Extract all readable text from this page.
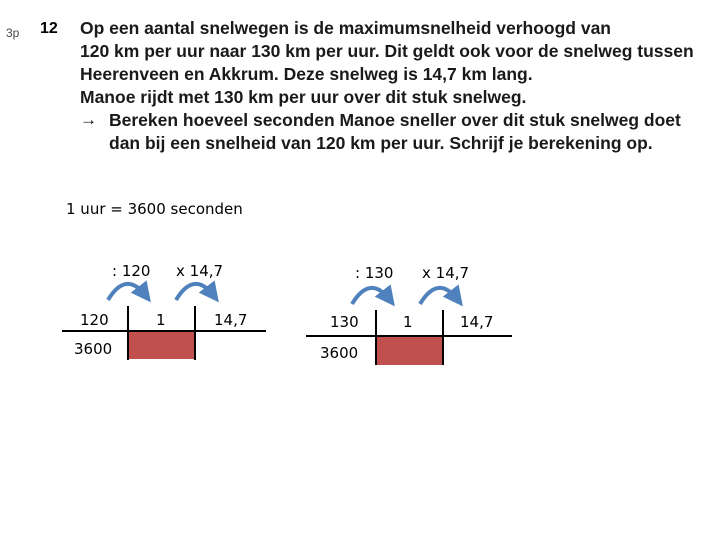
3p 12 Op een aantal snelwegen is de maximumsnelheid verhoogd van
120 km per uur naar 130 km per uur. Dit geldt ook voor de snelweg tussen
Heerenveen en Akkrum. Deze snelweg is 14,7 km lang.
Manoe rijdt met 130 km per uur over dit stuk snelweg.
→ Bereken hoeveel seconden Manoe sneller over dit stuk snelweg doet
dan bij een snelheid van 120 km per uur. Schrijf je berekening op.
1 uur = 3600 seconden
: 120 x 14,7
120	1	14,7
3600
: 130 x 14,7
130	1	14,7
3600
